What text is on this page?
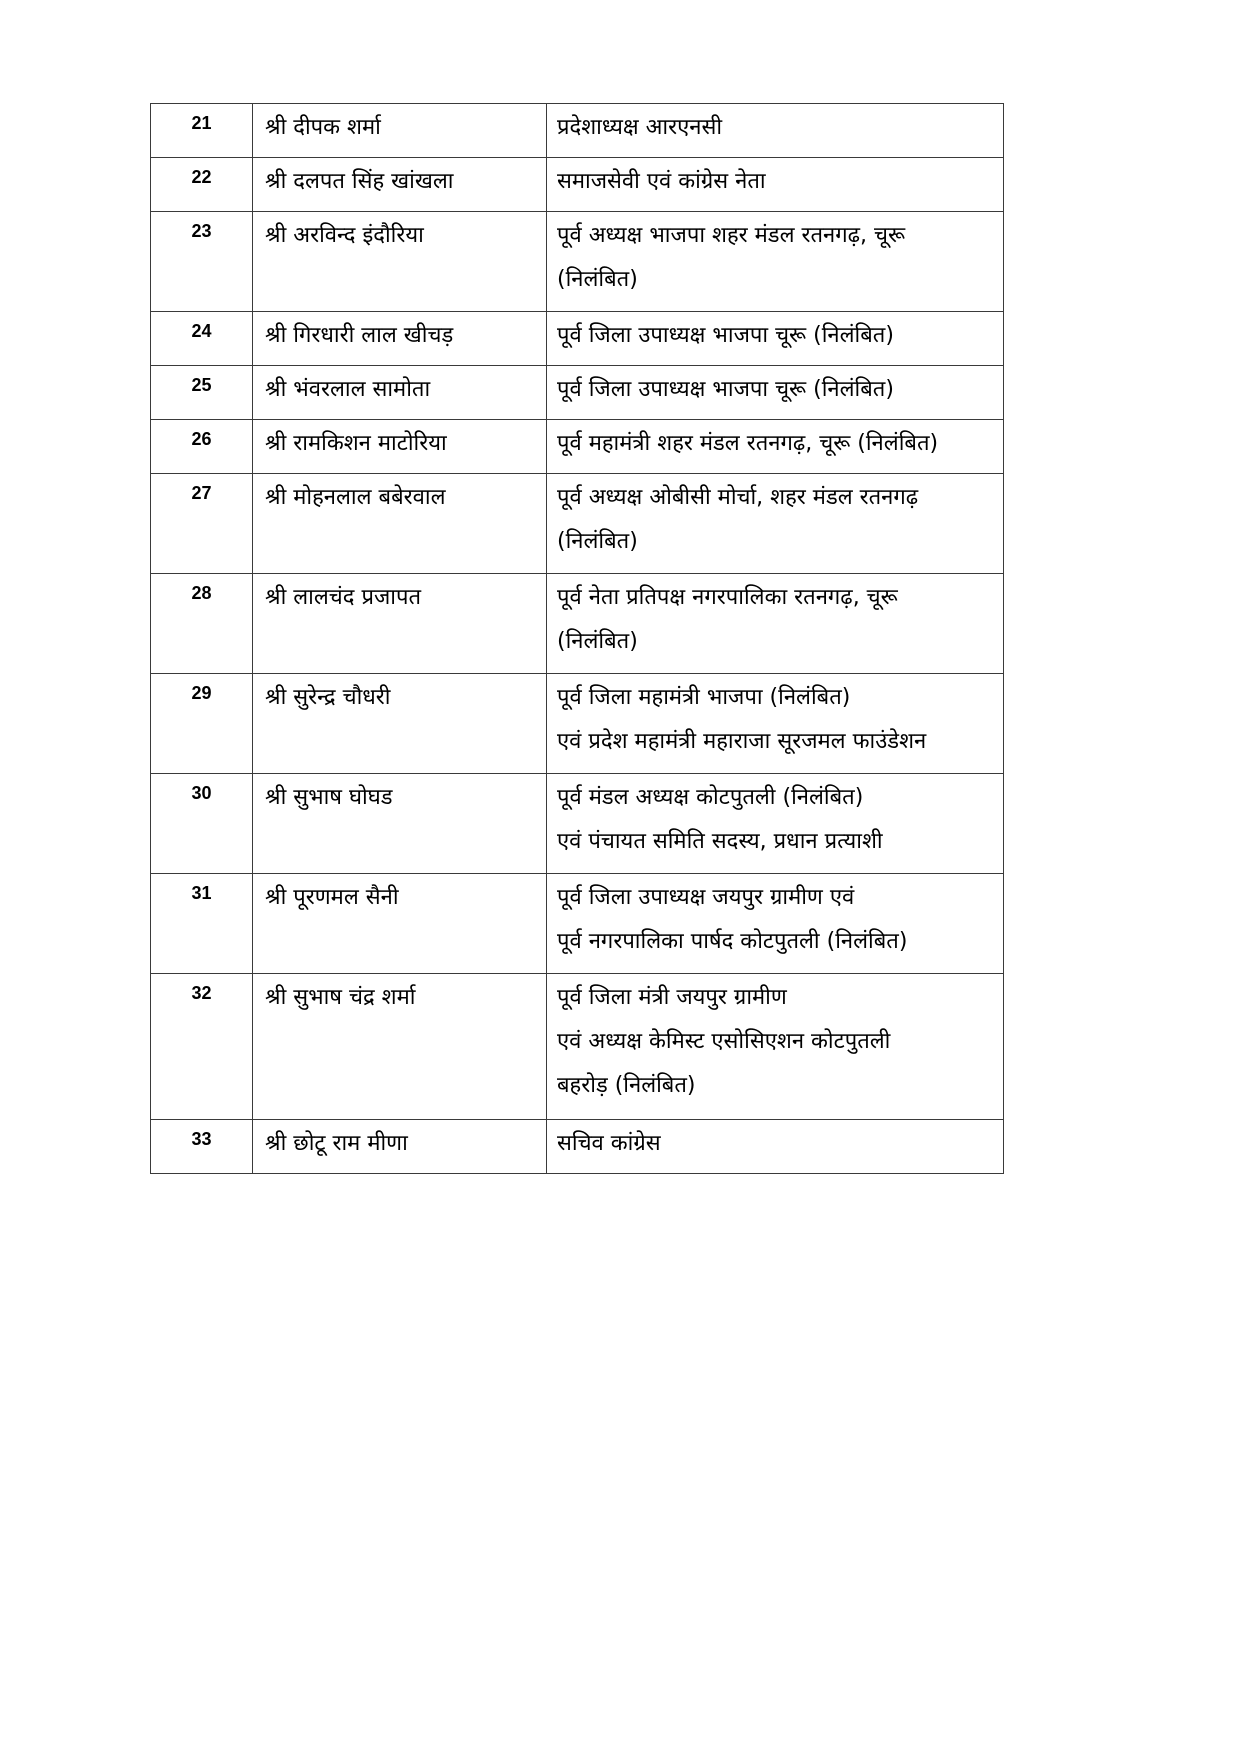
21	श्री दीपक शर्मा	प्रदेशाध्यक्ष आरएनसी

22	श्री दलपत सिंह खांखला	समाजसेवी एवं कांग्रेस नेता

23	श्री अरविन्द इंदौरिया	पूर्व अध्यक्ष भाजपा शहर मंडल रतनगढ़, चूरू
(निलंबित)

24	श्री गिरधारी लाल खीचड़	पूर्व जिला उपाध्यक्ष भाजपा चूरू (निलंबित)

25	श्री भंवरलाल सामोता	पूर्व जिला उपाध्यक्ष भाजपा चूरू (निलंबित)

26	श्री रामकिशन माटोरिया	पूर्व महामंत्री शहर मंडल रतनगढ़, चूरू (निलंबित)

27	श्री मोहनलाल बबेरवाल	पूर्व अध्यक्ष ओबीसी मोर्चा, शहर मंडल रतनगढ़
(निलंबित)

28	श्री लालचंद प्रजापत	पूर्व नेता प्रतिपक्ष नगरपालिका रतनगढ़, चूरू
(निलंबित)

29	श्री सुरेन्द्र चौधरी	पूर्व जिला महामंत्री भाजपा (निलंबित)
एवं प्रदेश महामंत्री महाराजा सूरजमल फाउंडेशन

30	श्री सुभाष घोघड	पूर्व मंडल अध्यक्ष कोटपुतली (निलंबित)
एवं पंचायत समिति सदस्य, प्रधान प्रत्याशी

31	श्री पूरणमल सैनी	पूर्व जिला उपाध्यक्ष जयपुर ग्रामीण एवं
पूर्व नगरपालिका पार्षद कोटपुतली (निलंबित)

32	श्री सुभाष चंद्र शर्मा	पूर्व जिला मंत्री जयपुर ग्रामीण
एवं अध्यक्ष केमिस्ट एसोसिएशन कोटपुतली
बहरोड़ (निलंबित)

33	श्री छोटू राम मीणा	सचिव कांग्रेस
